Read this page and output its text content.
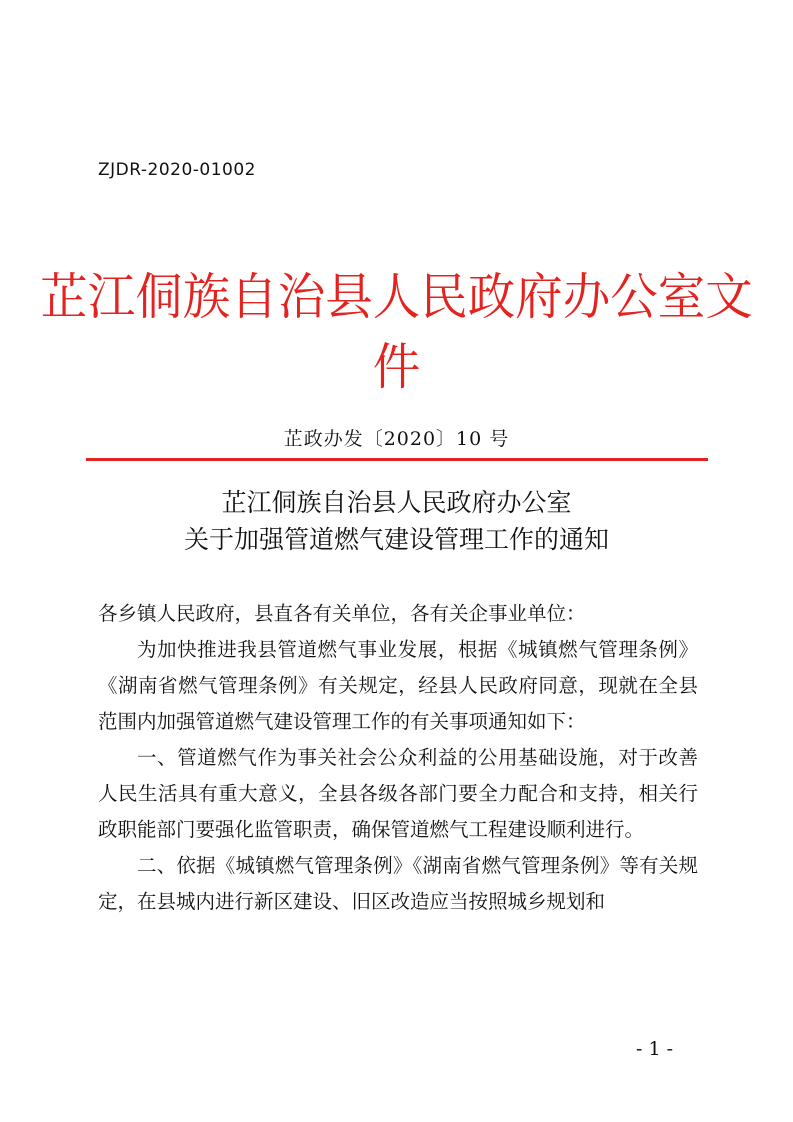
ZJDR-2020-01002
芷江侗族自治县人民政府办公室文件
芷政办发〔2020〕10 号
芷江侗族自治县人民政府办公室
关于加强管道燃气建设管理工作的通知

各乡镇人民政府，县直各有关单位，各有关企事业单位：

为加快推进我县管道燃气事业发展，根据《城镇燃气管理条例》《湖南省燃气管理条例》有关规定，经县人民政府同意，现就在全县范围内加强管道燃气建设管理工作的有关事项通知如下：

一、管道燃气作为事关社会公众利益的公用基础设施，对于改善人民生活具有重大意义，全县各级各部门要全力配合和支持，相关行政职能部门要强化监管职责，确保管道燃气工程建设顺利进行。

二、依据《城镇燃气管理条例》《湖南省燃气管理条例》等有关规定，在县城内进行新区建设、旧区改造应当按照城乡规划和

- 1 -
